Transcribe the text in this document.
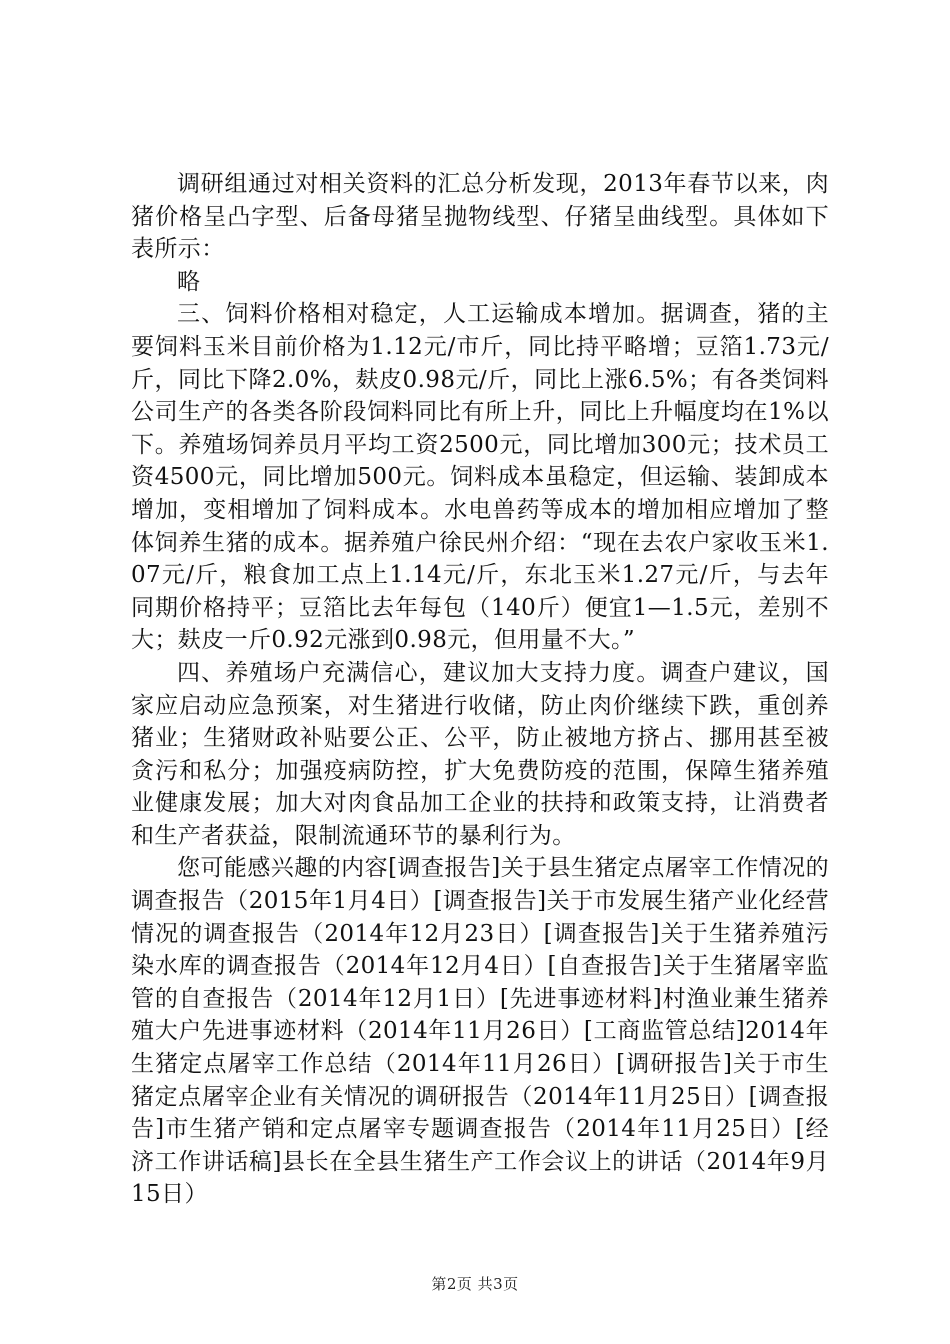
调研组通过对相关资料的汇总分析发现，2013年春节以来，肉猪价格呈凸字型、后备母猪呈抛物线型、仔猪呈曲线型。具体如下表所示：

略

三、饲料价格相对稳定，人工运输成本增加。据调查，猪的主要饲料玉米目前价格为1.12元/市斤，同比持平略增；豆箔1.73元/斤，同比下降2.0%，麸皮0.98元/斤，同比上涨6.5%；有各类饲料公司生产的各类各阶段饲料同比有所上升，同比上升幅度均在1%以下。养殖场饲养员月平均工资2500元，同比增加300元；技术员工资4500元，同比增加500元。饲料成本虽稳定，但运输、装卸成本增加，变相增加了饲料成本。水电兽药等成本的增加相应增加了整体饲养生猪的成本。据养殖户徐民州介绍：“现在去农户家收玉米1.07元/斤，粮食加工点上1.14元/斤，东北玉米1.27元/斤，与去年同期价格持平；豆箔比去年每包（140斤）便宜1—1.5元，差别不大；麸皮一斤0.92元涨到0.98元，但用量不大。”

四、养殖场户充满信心，建议加大支持力度。调查户建议，国家应启动应急预案，对生猪进行收储，防止肉价继续下跌，重创养猪业；生猪财政补贴要公正、公平，防止被地方挤占、挪用甚至被贪污和私分；加强疫病防控，扩大免费防疫的范围，保障生猪养殖业健康发展；加大对肉食品加工企业的扶持和政策支持，让消费者和生产者获益，限制流通环节的暴利行为。

您可能感兴趣的内容[调查报告]关于县生猪定点屠宰工作情况的调查报告（2015年1月4日）[调查报告]关于市发展生猪产业化经营情况的调查报告（2014年12月23日）[调查报告]关于生猪养殖污染水库的调查报告（2014年12月4日）[自查报告]关于生猪屠宰监管的自查报告（2014年12月1日）[先进事迹材料]村渔业兼生猪养殖大户先进事迹材料（2014年11月26日）[工商监管总结]2014年生猪定点屠宰工作总结（2014年11月26日）[调研报告]关于市生猪定点屠宰企业有关情况的调研报告（2014年11月25日）[调查报告]市生猪产销和定点屠宰专题调查报告（2014年11月25日）[经济工作讲话稿]县长在全县生猪生产工作会议上的讲话（2014年9月15日）

第2页 共3页
